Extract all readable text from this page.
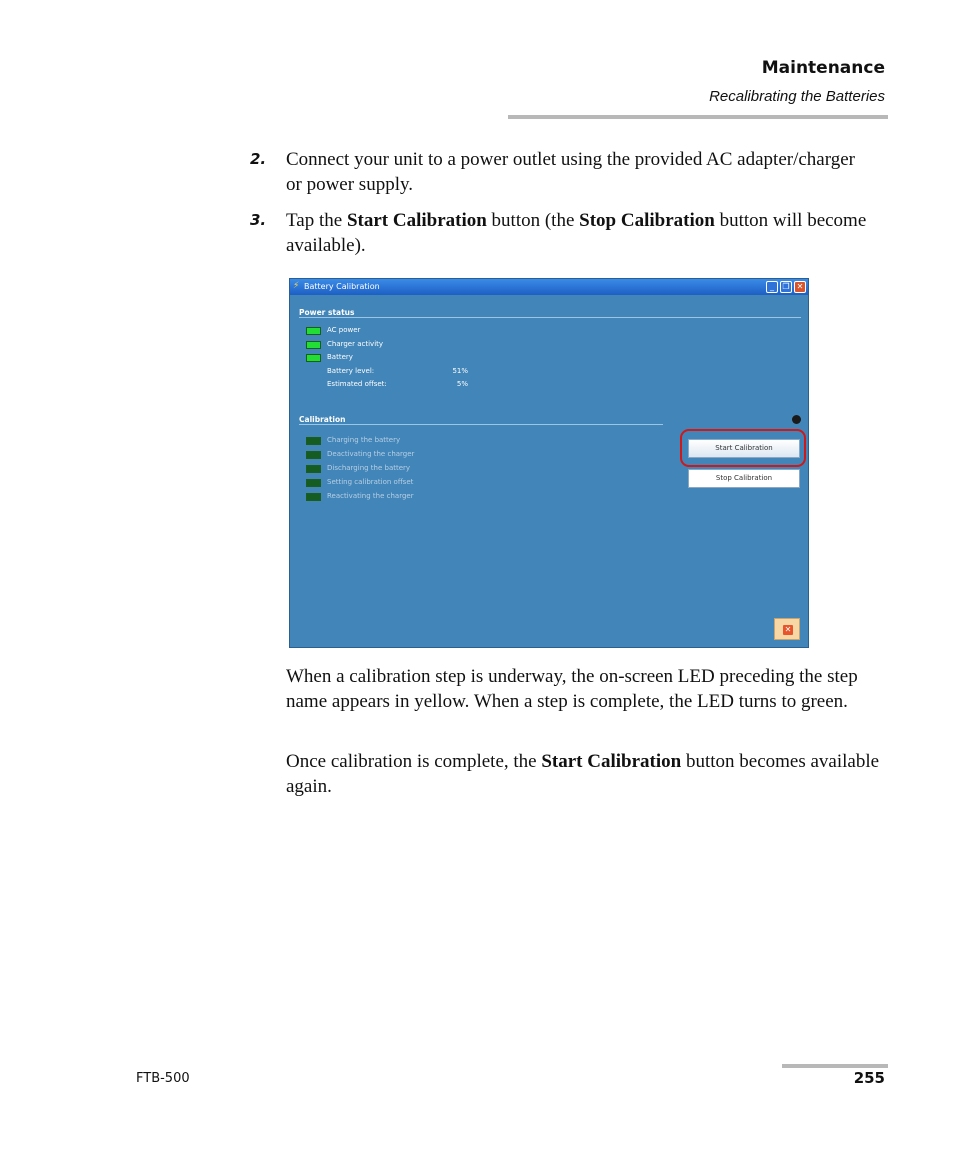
Maintenance
Recalibrating the Batteries
2. Connect your unit to a power outlet using the provided AC adapter/charger or power supply.
3. Tap the Start Calibration button (the Stop Calibration button will become available).
⚡ Battery Calibration	_	❐ ✕
Power status
AC power
Charger activity
Battery
Battery level:	51%
Estimated offset:	5%
Calibration
Charging the battery
Deactivating the charger
Discharging the battery
Setting calibration offset
Reactivating the charger
Start Calibration
Stop Calibration
✕
When a calibration step is underway, the on-screen LED preceding the step name appears in yellow. When a step is complete, the LED turns to green.
Once calibration is complete, the Start Calibration button becomes available again.
FTB-500	255
